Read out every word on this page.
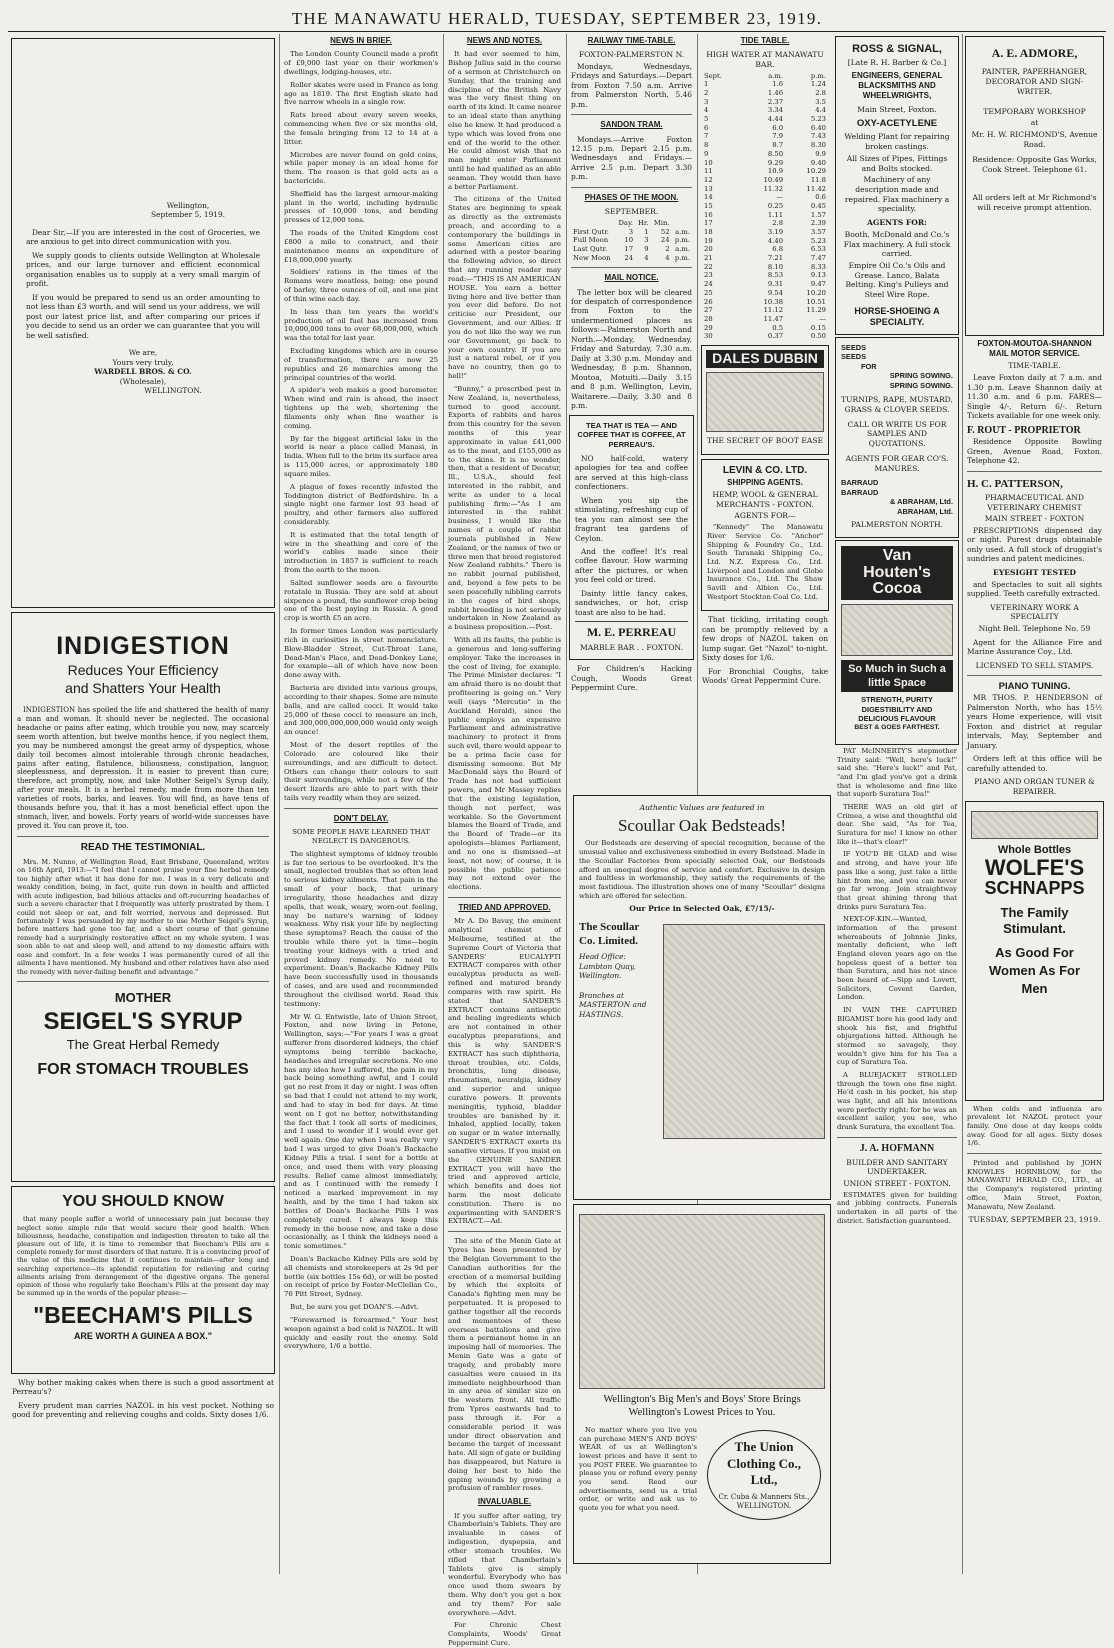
THE MANAWATU HERALD, TUESDAY, SEPTEMBER 23, 1919.
Wellington,
September 5, 1919.
Dear Sir,—If you are interested in the cost of Groceries, we are anxious to get into direct communication with you.
We supply goods to clients outside Wellington at Wholesale prices, and our large turnover and efficient economical organisation enables us to supply at a very small margin of profit.
If you would be prepared to send us an order amounting to not less than £3 worth, and will send us your address, we will post our latest price list, and after comparing our prices if you decide to send us an order we can guarantee that you will be well satisfied.
We are,
Yours very truly,
WARDELL BROS. & CO.
(Wholesale),
WELLINGTON.
INDIGESTION
Reduces Your Efficiency
and Shatters Your Health
INDIGESTION has spoiled the life and shattered the health of many a man and woman. It should never be neglected. The occasional headache or pains after eating, which trouble you now, may scarcely seem worth attention, but twelve months hence, if you neglect them, you may be numbered amongst the great army of dyspeptics, whose daily toil becomes almost intolerable through chronic headaches, pains after eating, flatulence, biliousness, constipation, languor, sleeplessness, and depression. It is easier to prevent than cure; therefore, act promptly, now, and take Mother Seigel's Syrup daily, after your meals. It is a herbal remedy, made from more than ten varieties of roots, barks, and leaves. You will find, as have tens of thousands before you, that it has a most beneficial effect upon the stomach, liver, and bowels. Forty years of world-wide successes have proved it. You can prove it, too.
READ THE TESTIMONIAL.
Mrs. M. Nunno, of Wellington Road, East Brisbane, Queensland, writes on 16th April, 1913:—"I feel that I cannot praise your fine herbal remedy too highly after what it has done for me. I was in a very delicate and weakly condition, being, in fact, quite run down in health and afflicted with acute indigestion, bad bilious attacks and oft-recurring headaches of such a severe character that I frequently was utterly prostrated by them. I could not sleep or eat, and felt worried, nervous and depressed. But fortunately I was persuaded by my mother to use Mother Seigel's Syrup, before matters had gone too far, and a short course of that genuine remedy had a surprisingly restorative effect on my whole system. I was soon able to eat and sleep well, and attend to my domestic affairs with ease and comfort. In a few weeks I was permanently cured of all the ailments I have mentioned. My husband and other relatives have also used the remedy with never-failing benefit and advantage."
MOTHER
SEIGEL'S SYRUP
The Great Herbal Remedy
FOR STOMACH TROUBLES
YOU SHOULD KNOW
that many people suffer a world of unnecessary pain just because they neglect some simple rule that would secure their good health. When biliousness, headache, constipation and indigestion threaten to take all the pleasure out of life, it is time to remember that Beecham's Pills are a complete remedy for most disorders of that nature. It is a convincing proof of the value of this medicine that it continues to maintain—after long and searching experience—its splendid reputation for relieving and curing ailments arising from derangement of the digestive organs. The general opinion of those who regularly take Beecham's Pills at the present day may be summed up in the words of the popular phrase:—
"BEECHAM'S PILLS
ARE WORTH A GUINEA A BOX."
Why bother making cakes when there is such a good assortment at Perreau's?
Every prudent man carries NAZOL in his vest pocket. Nothing so good for preventing and relieving coughs and colds. Sixty doses 1/6.
NEWS IN BRIEF.
The London County Council made a profit of £9,000 last year on their workmen's dwellings, lodging-houses, etc.
Roller skates were used in France as long ago as 1819. The first English skate had five narrow wheels in a single row.
Rats breed about every seven weeks, commencing when five or six months old, the female bringing from 12 to 14 at a litter.
Microbes are never found on gold coins, while paper money is an ideal home for them. The reason is that gold acts as a bactericide.
Sheffield has the largest armour-making plant in the world, including hydraulic presses of 10,000 tons, and bending presses of 12,000 tons.
The roads of the United Kingdom cost £800 a mile to construct, and their maintenance means an expenditure of £18,000,000 yearly.
Soldiers' rations in the times of the Romans were meatless, being: one pound of barley, three ounces of oil, and one pint of thin wine each day.
In less than ten years the world's production of oil fuel has increased from 10,000,000 tons to over 68,000,000, which was the total for last year.
Excluding kingdoms which are in course of transformation, there are now 25 republics and 26 monarchies among the principal countries of the world.
A spider's web makes a good barometer. When wind and rain is ahead, the insect tightens up the web, shortening the filaments only when fine weather is coming.
By far the biggest artificial lake in the world is near a place called Manasi, in India. When full to the brim its surface area is 115,000 acres, or approximately 180 square miles.
A plague of foxes recently infested the Toddington district of Bedfordshire. In a single night one farmer lost 93 head of poultry, and other farmers also suffered considerably.
It is estimated that the total length of wire in the sheathing and core of the world's cables made since their introduction in 1857 is sufficient to reach from the earth to the moon.
Salted sunflower seeds are a favourite rotatale in Russia. They are sold at about sixpence a pound, the sunflower crop being one of the best paying in Russia. A good crop is worth £5 an acre.
In former times London was particularly rich in curiosities in street nomenclature. Blow-Bladder Street, Cut-Throat Lane, Dead-Man's Place, and Dead-Donkey Lane, for example—all of which have now been done away with.
Bacteria are divided into various groups, according to their shapes. Some are minute balls, and are called cocci. It would take 25,000 of these cocci to measure an inch, and 300,000,000,000,000 would only weigh an ounce!
Most of the desert reptiles of the Colorado are coloured like their surroundings, and are difficult to detect. Others can change their colours to suit their surroundings, while not a few of the desert lizards are able to part with their tails very readily when they are seized.
DON'T DELAY.
SOME PEOPLE HAVE LEARNED THAT NEGLECT IS DANGEROUS.
The slightest symptoms of kidney trouble is far too serious to be overlooked. It's the small, neglected troubles that so often lead to serious kidney ailments. That pain in the small of your back, that urinary irregularity, those headaches and dizzy spells, that weak, weary, worn-out feeling, may be nature's warning of kidney weakness. Why risk your life by neglecting these symptoms? Reach the cause of the trouble while there yet is time—begin treating your kidneys with a tried and proved kidney remedy. No need to experiment. Doan's Backache Kidney Pills have been successfully used in thousands of cases, and are used and recommended throughout the civilised world. Read this testimony:
Mr W. G. Entwistle, late of Union Street, Foxton, and now living in Petone, Wellington, says:—"For years I was a great sufferer from disordered kidneys, the chief symptoms being terrible backache, headaches and irregular secretions. No one has any idea how I suffered, the pain in my back being something awful, and I could get no rest from it day or night. I was often so bad that I could not attend to my work, and had to stay in bed for days. At time went on I got no better, notwithstanding the fact that I took all sorts of medicines, and I used to wonder if I would ever get well again. One day when I was really very bad I was urged to give Doan's Backache Kidney Pills a trial. I sent for a bottle at once, and used them with very pleasing results. Relief came almost immediately, and as I continued with the remedy I noticed a marked improvement in my health, and by the time I had taken six bottles of Doan's Backache Pills I was completely cured. I always keep this remedy in the house now, and take a dose occasionally, as I think the kidneys need a tonic sometimes."
Doan's Backache Kidney Pills are sold by all chemists and storekeepers at 2s 9d per bottle (six bottles 15s 6d), or will be posted on receipt of price by Foster-McClellan Co., 76 Pitt Street, Sydney.
But, be sure you get DOAN'S.—Advt.
"Forewarned is forearmed." Your best weapon against a bad cold is NAZOL. It will quickly and easily rout the enemy. Sold everywhere, 1/6 a bottle.
NEWS AND NOTES.
It had ever seemed to him, Bishop Julius said in the course of a sermon at Christchurch on Sunday, that the training and discipline of the British Navy was the very finest thing on earth of its kind. It came nearer to an ideal state than anything else he knew. It had produced a type which was loved from one end of the world to the other. He could almost wish that no man might enter Parliament until he had qualified as an able seaman. They would then have a better Parliament.
The citizens of the United States are beginning to speak as directly as the extremists preach, and according to a contemporary the buildings in some American cities are adorned with a poster bearing the following advice, so direct that any running reader may read:—"THIS IS AN AMERICAN HOUSE. You earn a better living here and live better than you ever did before. Do not criticise our President, our Government, and our Allies. If you do not like the way we run our Government, go back to your own country. If you are just a natural rebel, or if you have no country, then go to hell!"
"Bunny," a proscribed pest in New Zealand, is, nevertheless, turned to good account. Exports of rabbits and hares from this country for the seven months of this year approximate in value £41,000 as to the meat, and £155,000 as to the skins. It is no wonder, then, that a resident of Decatur, Ill., U.S.A., should feel interested in the rabbit, and write as under to a local publishing firm:—"As I am interested in the rabbit business, I would like the names of a couple of rabbit journals published in New Zealand, or the names of two or three men that breed registered New Zealand rabbits." There is no rabbit journal published, and, beyond a few pets to be seen peacefully nibbling carrots in the cages of bird shops, rabbit breeding is not seriously undertaken in New Zealand as a business proposition.—Post.
With all its faults, the public is a generous and long-suffering employer. Take the increases in the cost of living, for example. The Prime Minister declares: "I am afraid there is no doubt that profiteering is going on." Very well (says "Mercutio" in the Auckland Herald), since the public employs an expensive Parliament and administrative machinery to protect it from such evil, there would appear to be a prima facie case for dismissing someone. But Mr MacDonald says the Board of Trade has not had sufficient powers, and Mr Massey replies that the existing legislation, though not perfect, was workable. So the Government blames the Board of Trade, and the Board of Trade—or its apologists—blames Parliament, and no one is dismissed—at least, not now; of course, it is possible the public patience may not extend over the elections.
TRIED AND APPROVED.
Mr A. Do Bavay, the eminent analytical chemist of Melbourne, testified at the Supreme Court of Victoria that SANDERS' EUCALYPTI EXTRACT compares with other eucalyptus products as well-refined and matured brandy compares with raw spirit. He stated that SANDER'S EXTRACT contains antiseptic and healing ingredients which are not contained in other eucalyptus preparations, and this is why SANDER'S EXTRACT has such diphtheria, throat troubles, etc. Colds, bronchitis, lung disease, rheumatism, neuralgia, kidney and superior and unique curative powers. It prevents meningitis, typhoid, bladder troubles are banished by it. Inhaled, applied locally, taken on sugar or in water internally, SANDER'S EXTRACT exerts its sanative virtues. If you insist on the GENUINE SANDER EXTRACT you will have the tried and approved article, which benefits and does not harm the most delicate constitution. There is no experimenting with SANDER'S EXTRACT.—Ad.
The site of the Menin Gate at Ypres has been presented by the Belgian Government to the Canadian authorities for the erection of a memorial building by which the exploits of Canada's fighting men may be perpetuated. It is proposed to gather together all the records and mementoes of these overseas battalions and give them a permanent home in an imposing hall of memories. The Menin Gate was a gate of tragedy, and probably more casualties were caused in its immediate neighbourhood than in any area of similar size on the western front. All traffic from Ypres eastwards had to pass through it. For a considerable period it was under direct observation and became the target of incessant hate. All sign of gate or building has disappeared, but Nature is doing her best to hide the gaping wounds by growing a profusion of rambler roses.
INVALUABLE.
If you suffer after eating, try Chamberlain's Tablets. They are invaluable in cases of indigestion, dyspepsia, and other stomach troubles. We rifled that Chamberlain's Tablets give is simply wonderful. Everybody who has once used them swears by them. Why don't you get a box and try them? For sale everywhere.—Advt.
For Chronic Chest Complaints, Woods' Great Peppermint Cure.
RAILWAY TIME-TABLE.
FOXTON-PALMERSTON N.
Mondays, Wednesdays, Fridays and Saturdays.—Depart from Foxton 7.50 a.m. Arrive from Palmerston North, 5.46 p.m.
SANDON TRAM.
Mondays.—Arrive Foxton 12.15 p.m. Depart 2.15 p.m. Wednesdays and Fridays.—Arrive 2.5 p.m. Depart 3.30 p.m.
PHASES OF THE MOON.
SEPTEMBER.
	Day.	Hr.	Min.	
First Qutr.	3	1	52	a.m.
Full Moon	10	3	24	p.m.
Last Qutr.	17	9	2	a.m.
New Moon	24	4	4	p.m.
MAIL NOTICE.
The letter box will be cleared for despatch of correspondence from Foxton to the undermentioned places as follows:—Palmerston North and North.—Monday, Wednesday, Friday and Saturday, 7.30 a.m. Daily at 3.30 p.m. Monday and Wednesday, 8 p.m. Shannon, Moutoa, Motuiti.—Daily 3.15 and 8 p.m. Wellington, Levin, Waitarere.—Daily, 3.30 and 8 p.m.
TEA THAT IS TEA — AND COFFEE THAT IS COFFEE, AT PERREAU'S.
NO half-cold, watery apologies for tea and coffee are served at this high-class confectioners.
When you sip the stimulating, refreshing cup of tea you can almost see the fragrant tea gardens of Ceylon.
And the coffee! It's real coffee flavour. How warming after the pictures, or when you feel cold or tired.
Dainty little fancy cakes, sandwiches, or hot, crisp toast are also to be had.
M. E. PERREAU
MARBLE BAR . . FOXTON.
For Children's Hacking Cough, Woods Great Peppermint Cure.
TIDE TABLE.
HIGH WATER AT MANAWATU BAR.
Sept.	a.m.	p.m.
1	1.6	1.24
2	1.46	2.8
3	2.37	3.5
4	3.34	4.4
5	4.44	5.23
6	6.0	6.40
7	7.9	7.43
8	8.7	8.30
9	8.50	9.9
10	9.29	9.40
11	10.9	10.29
12	10.49	11.8
13	11.32	11.42
14	—	0.6
15	0.25	0.45
16	1.11	1.57
17	2.8	2.39
18	3.19	3.57
19	4.40	5.23
20	6.8	6.53
21	7.21	7.47
22	8.10	8.33
23	8.53	9.13
24	9.31	9.47
25	9.54	10.20
26	10.38	10.51
27	11.12	11.29
28	11.47	—
29	0.5	0.15
30	0.37	0.50
DALES DUBBIN
THE SECRET OF BOOT EASE
LEVIN & CO. LTD.
SHIPPING AGENTS.
HEMP, WOOL & GENERAL MERCHANTS - FOXTON.
AGENTS FOR—
"Kennedy" The Manawatu River Service Co. "Anchor" Shipping & Foundry Co., Ltd. South Taranaki Shipping Co., Ltd. N.Z. Express Co., Ltd. Liverpool and London and Globe Insurance Co., Ltd. The Shaw Savill and Albion Co., Ltd. Westport Stockton Coal Co. Ltd.
That tickling, irritating cough can be promptly relieved by a few drops of NAZOL taken on lump sugar. Get "Nazol" to-night. Sixty doses for 1/6.
For Bronchial Coughs, take Woods' Great Peppermint Cure.
Authentic Values are featured in
Scoullar Oak Bedsteads!
Our Bedsteads are deserving of special recognition, because of the unusual value and exclusiveness embodied in every Bedstead. Made in the Scoullar Factories from specially selected Oak, our Bedsteads afford an unequal degree of service and comfort. Exclusive in design and faultless in workmanship, they satisfy the requirements of the most fastidious. The illustration shows one of many "Scoullar" designs which are offered for selection.
Our Price in Selected Oak, £7/15/-
The Scoullar Co. Limited.
Head Office: Lambton Quay, Wellington.
Branches at MASTERTON and HASTINGS.
Wellington's Big Men's and Boys' Store Brings Wellington's Lowest Prices to You.
No matter where you live you can purchase MEN'S AND BOYS' WEAR of us at Wellington's lowest prices and have it sent to you POST FREE. We guarantee to please you or refund every penny you send. Read our advertisements, send us a trial order, or write and ask us to quote you for what you need.
The Union Clothing Co., Ltd.,
Cr. Cuba & Manners Sts., WELLINGTON.
ROSS & SIGNAL,
[Late R. H. Barber & Co.]
ENGINEERS, GENERAL BLACKSMITHS AND WHEELWRIGHTS,
Main Street, Foxton.
OXY-ACETYLENE
Welding Plant for repairing broken castings.
All Sizes of Pipes, Fittings and Bolts stocked.
Machinery of any description made and repaired. Flax machinery a speciality.
AGENTS FOR:
Booth, McDonald and Co.'s Flax machinery. A full stock carried.
Empire Oil Co.'s Oils and Grease. Lanco, Balata Belting. King's Pulleys and Steel Wire Rope.
HORSE-SHOEING A SPECIALITY.
SEEDS
SEEDS
FOR
SPRING SOWING.
SPRING SOWING.
TURNIPS, RAPE, MUSTARD, GRASS & CLOVER SEEDS.
CALL OR WRITE US FOR SAMPLES AND QUOTATIONS.
AGENTS FOR GEAR CO'S. MANURES.
BARRAUD
BARRAUD
& ABRAHAM, Ltd.
ABRAHAM, Ltd.
PALMERSTON NORTH.
Van
Houten's
Cocoa
So Much in Such a little Space
STRENGTH, PURITY DIGESTIBILITY AND DELICIOUS FLAVOUR
BEST & GOES FARTHEST.
PAT McINNERTY'S stepmother Trinity said: "Well, here's luck!" said she. "Here's luck!" and Pat, "and I'm glad you've got a drink that is wholesome and fine like that superb Suratura Tea!"
THERE WAS an old girl of Crimea, a wise and thoughtful old dear. She said, "As for Tea, Suratura for me! I know no other like it—that's clear!"
IF YOU'D BE GLAD and wise and strong, and have your life pass like a song, just take a little hint from me, and you can never go far wrong. Join straightway that great shining throng that drinks pure Suratura Tea.
NEXT-OF-KIN.—Wanted, information of the present whereabouts of Johnnie Jinks, mentally deficient, who left England eleven years ago on the hopeless quest of a better tea than Suratura, and has not since been heard of.—Sipp and Lovett, Solicitors, Covent Garden, London.
IN VAIN THE CAPTURED BIGAMIST bore his good lady and shook his fist, and frightful objurgations hitted. Although he stormed so savagely, they wouldn't give him for his Tea a cup of Suratura Tea.
A BLUEJACKET STROLLED through the town one fine night. He'd cash in his pocket, his step was light, and all his intentions were perfectly right: for he was an excellent sailor, you see, who drank Suratura, the excellent Tea.
J. A. HOFMANN
BUILDER AND SANITARY UNDERTAKER.
UNION STREET - FOXTON.
ESTIMATES given for building and jobbing contracts. Funerals undertaken in all parts of the district. Satisfaction guaranteed.
A. E. ADMORE,
PAINTER, PAPERHANGER, DECORATOR AND SIGN-WRITER.
TEMPORARY WORKSHOP
at
Mr. H. W. RICHMOND'S, Avenue Road.
Residence: Opposite Gas Works, Cook Street. Telephone 61.
All orders left at Mr Richmond's will receive prompt attention.
FOXTON-MOUTOA-SHANNON MAIL MOTOR SERVICE.
TIME-TABLE.
Leave Foxton daily at 7 a.m. and 1.30 p.m. Leave Shannon daily at 11.30 a.m. and 6 p.m. FARES—Single 4/-, Return 6/-. Return Tickets available for one week only.
F. ROUT - PROPRIETOR
Residence Opposite Bowling Green, Avenue Road, Foxton. Telephone 42.
H. C. PATTERSON,
PHARMACEUTICAL AND VETERINARY CHEMIST
MAIN STREET - FOXTON
PRESCRIPTIONS dispensed day or night. Purest drugs obtainable only used. A full stock of druggist's sundries and patent medicines.
EYESIGHT TESTED
and Spectacles to suit all sights supplied. Teeth carefully extracted.
VETERINARY WORK A SPECIALITY
Night Bell. Telephone No. 59
Agent for the Alliance Fire and Marine Assurance Coy., Ltd.
LICENSED TO SELL STAMPS.
PIANO TUNING.
MR THOS. P. HENDERSON of Palmerston North, who has 15½ years Home experience, will visit Foxton and district at regular intervals, May, September and January.
Orders left at this office will be carefully attended to.
PIANO AND ORGAN TUNER & REPAIRER.
Whole Bottles
WOLFE'S
SCHNAPPS
The Family Stimulant.
As Good For Women As For Men
When colds and influenza are prevalent let NAZOL protect your family. One dose at day keeps colds away. Good for all ages. Sixty doses 1/6.
Printed and published by JOHN KNOWLES HORNBLOW, for the MANAWATU HERALD CO., LTD., at the Company's registered printing office, Main Street, Foxton, Manawatu, New Zealand.
TUESDAY, SEPTEMBER 23, 1919.
